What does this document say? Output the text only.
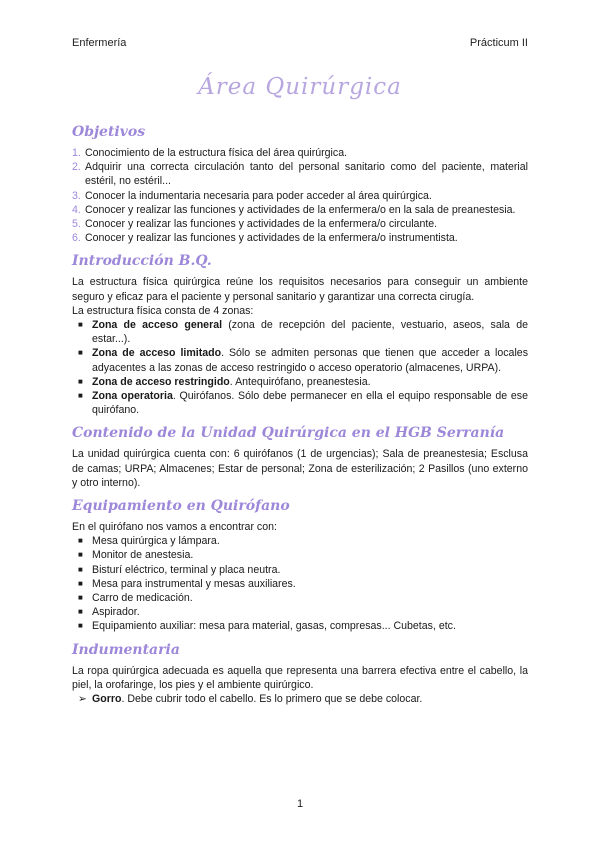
Enfermería	Prácticum II
Área Quirúrgica
Objetivos
1. Conocimiento de la estructura física del área quirúrgica.
2. Adquirir una correcta circulación tanto del personal sanitario como del paciente, material estéril, no estéril...
3. Conocer la indumentaria necesaria para poder acceder al área quirúrgica.
4. Conocer y realizar las funciones y actividades de la enfermera/o en la sala de preanestesia.
5. Conocer y realizar las funciones y actividades de la enfermera/o circulante.
6. Conocer y realizar las funciones y actividades de la enfermera/o instrumentista.
Introducción B.Q.

La estructura física quirúrgica reúne los requisitos necesarios para conseguir un ambiente seguro y eficaz para el paciente y personal sanitario y garantizar una correcta cirugía.

La estructura física consta de 4 zonas:

■ Zona de acceso general (zona de recepción del paciente, vestuario, aseos, sala de estar...).
■ Zona de acceso limitado. Sólo se admiten personas que tienen que acceder a locales adyacentes a las zonas de acceso restringido o acceso operatorio (almacenes, URPA).
■ Zona de acceso restringido. Antequirófano, preanestesia.
■ Zona operatoria. Quirófanos. Sólo debe permanecer en ella el equipo responsable de ese quirófano.
Contenido de la Unidad Quirúrgica en el HGB Serranía

La unidad quirúrgica cuenta con: 6 quirófanos (1 de urgencias); Sala de preanestesia; Esclusa de camas; URPA; Almacenes; Estar de personal; Zona de esterilización; 2 Pasillos (uno externo y otro interno).

Equipamiento en Quirófano

En el quirófano nos vamos a encontrar con:

■ Mesa quirúrgica y lámpara.
■ Monitor de anestesia.
■ Bisturí eléctrico, terminal y placa neutra.
■ Mesa para instrumental y mesas auxiliares.
■ Carro de medicación.
■ Aspirador.
■ Equipamiento auxiliar: mesa para material, gasas, compresas... Cubetas, etc.
Indumentaria

La ropa quirúrgica adecuada es aquella que representa una barrera efectiva entre el cabello, la piel, la orofaringe, los pies y el ambiente quirúrgico.

➢ Gorro. Debe cubrir todo el cabello. Es lo primero que se debe colocar.
1
